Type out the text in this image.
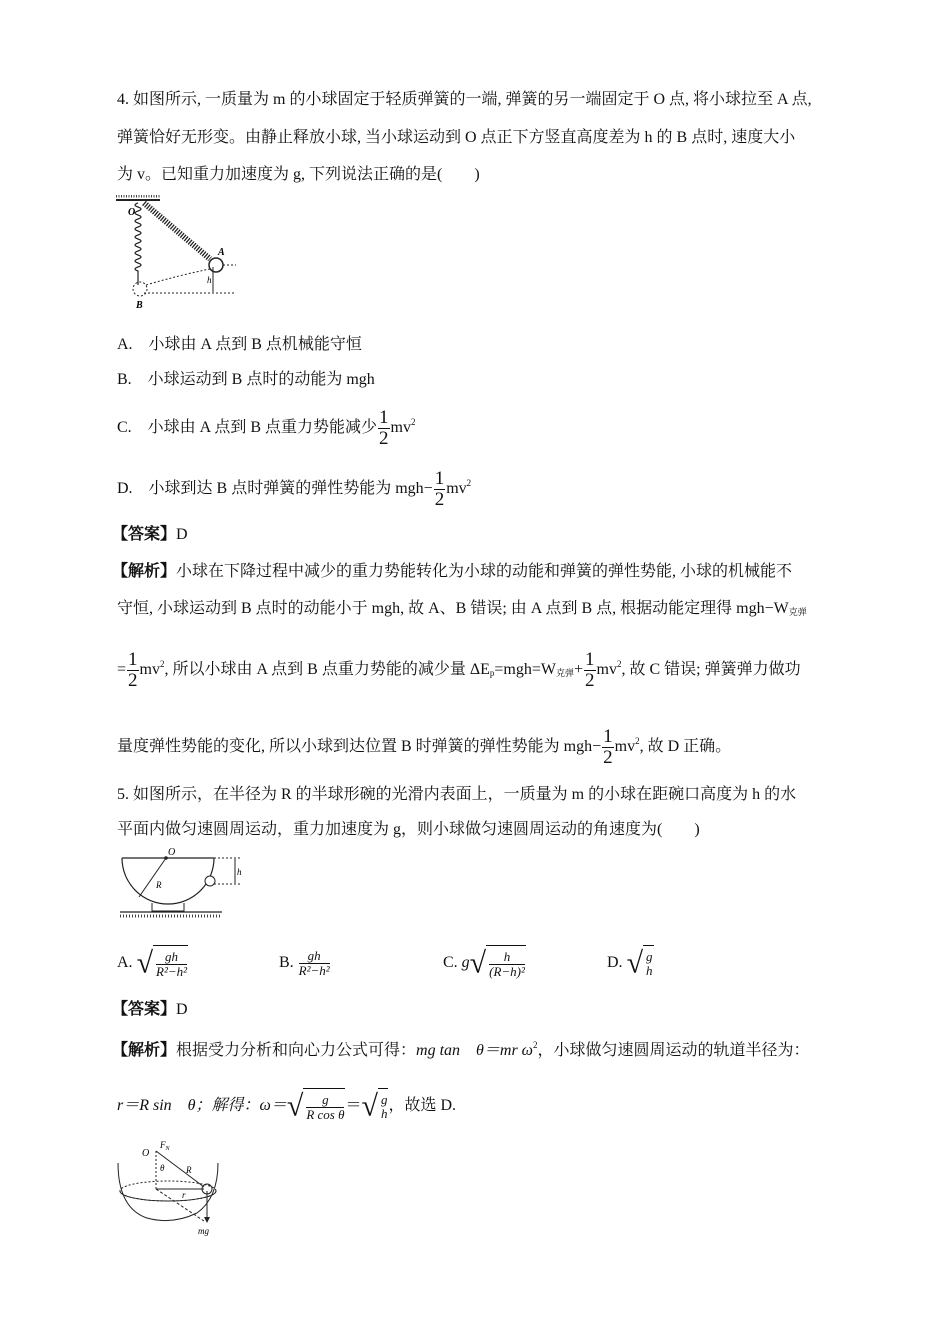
4. 如图所示, 一质量为 m 的小球固定于轻质弹簧的一端, 弹簧的另一端固定于 O 点, 将小球拉至 A 点,
弹簧恰好无形变。由静止释放小球, 当小球运动到 O 点正下方竖直高度差为 h 的 B 点时, 速度大小
为 v。已知重力加速度为 g, 下列说法正确的是(　　)
O
A
B
h
A.　小球由 A 点到 B 点机械能守恒
B.　小球运动到 B 点时的动能为 mgh
C.　小球由 A 点到 B 点重力势能减少 $\frac{1}{2} mv^2$
D.　小球到达 B 点时弹簧的弹性势能为 $mgh- \frac{1}{2} mv^2$
【答案】D
【解析】小球在下降过程中减少的重力势能转化为小球的动能和弹簧的弹性势能, 小球的机械能不
守恒, 小球运动到 B 点时的动能小于 mgh, 故 A、B 错误; 由 A 点到 B 点, 根据动能定理得 $mgh-W_{克弹}$
= $\frac{1}{2} mv^2$, 所以小球由 A 点到 B 点重力势能的减少量 $\Delta E_p=mgh=W_{克弹}+ \frac{1}{2} mv^2$, 故 C 错误; 弹簧弹力做功
量度弹性势能的变化, 所以小球到达位置 B 时弹簧的弹性势能为 $mgh- \frac{1}{2} mv^2$, 故 D 正确。
5. 如图所示，在半径为 R 的半球形碗的光滑内表面上，一质量为 m 的小球在距碗口高度为 h 的水
平面内做匀速圆周运动，重力加速度为 g，则小球做匀速圆周运动的角速度为(　　)
O
R
h
A. √ $\frac{gh}{\text{R²−h²}}$	B. $\frac{gh}{\text{R²−h²}}$	C. $g√ \frac{h}{\text{(R−h)²}}$	D. √ g
h
【答案】D
【解析】根据受力分析和向心力公式可得：mg tan　θ＝mr $\omega^2$，小球做匀速圆周运动的轨道半径为：
r＝R sin　θ；解得：$\omega=√ \frac{g}{\text{R cos θ}}$ ＝√ g
h ，故选 D.
O
$F_N$
θ R
r
mg
